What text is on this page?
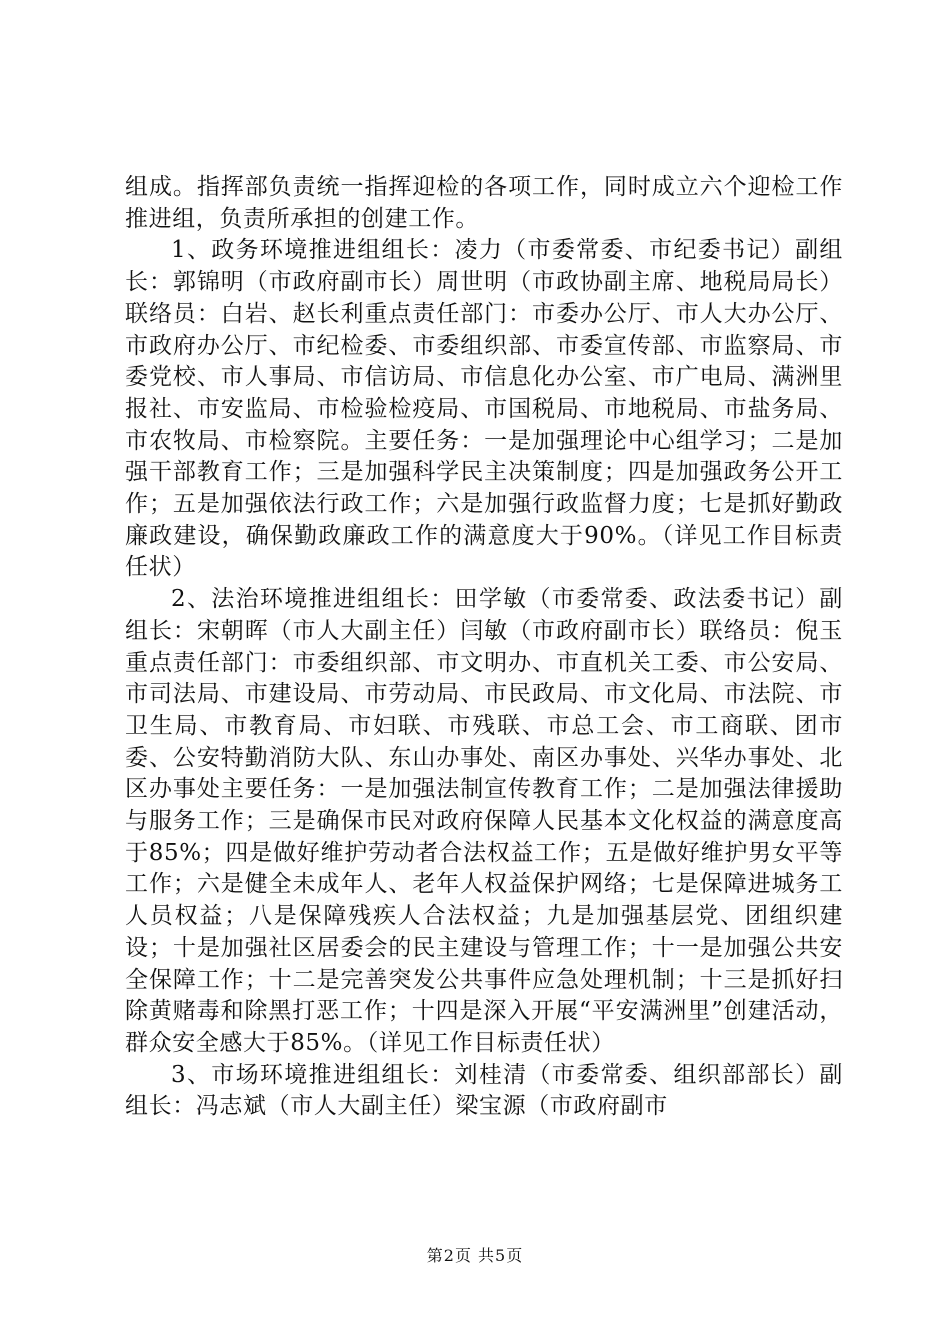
组成。指挥部负责统一指挥迎检的各项工作，同时成立六个迎检工作推进组，负责所承担的创建工作。

1、政务环境推进组组长：凌力（市委常委、市纪委书记）副组长：郭锦明（市政府副市长）周世明（市政协副主席、地税局局长）联络员：白岩、赵长利重点责任部门：市委办公厅、市人大办公厅、市政府办公厅、市纪检委、市委组织部、市委宣传部、市监察局、市委党校、市人事局、市信访局、市信息化办公室、市广电局、满洲里报社、市安监局、市检验检疫局、市国税局、市地税局、市盐务局、市农牧局、市检察院。主要任务：一是加强理论中心组学习；二是加强干部教育工作；三是加强科学民主决策制度；四是加强政务公开工作；五是加强依法行政工作；六是加强行政监督力度；七是抓好勤政廉政建设，确保勤政廉政工作的满意度大于90%。（详见工作目标责任状）

2、法治环境推进组组长：田学敏（市委常委、政法委书记）副组长：宋朝晖（市人大副主任）闫敏（市政府副市长）联络员：倪玉重点责任部门：市委组织部、市文明办、市直机关工委、市公安局、市司法局、市建设局、市劳动局、市民政局、市文化局、市法院、市卫生局、市教育局、市妇联、市残联、市总工会、市工商联、团市委、公安特勤消防大队、东山办事处、南区办事处、兴华办事处、北区办事处主要任务：一是加强法制宣传教育工作；二是加强法律援助与服务工作；三是确保市民对政府保障人民基本文化权益的满意度高于85%；四是做好维护劳动者合法权益工作；五是做好维护男女平等工作；六是健全未成年人、老年人权益保护网络；七是保障进城务工人员权益；八是保障残疾人合法权益；九是加强基层党、团组织建设；十是加强社区居委会的民主建设与管理工作；十一是加强公共安全保障工作；十二是完善突发公共事件应急处理机制；十三是抓好扫除黄赌毒和除黑打恶工作；十四是深入开展“平安满洲里”创建活动，群众安全感大于85%。（详见工作目标责任状）

3、市场环境推进组组长：刘桂清（市委常委、组织部部长）副组长：冯志斌（市人大副主任）梁宝源（市政府副市

第2页 共5页
